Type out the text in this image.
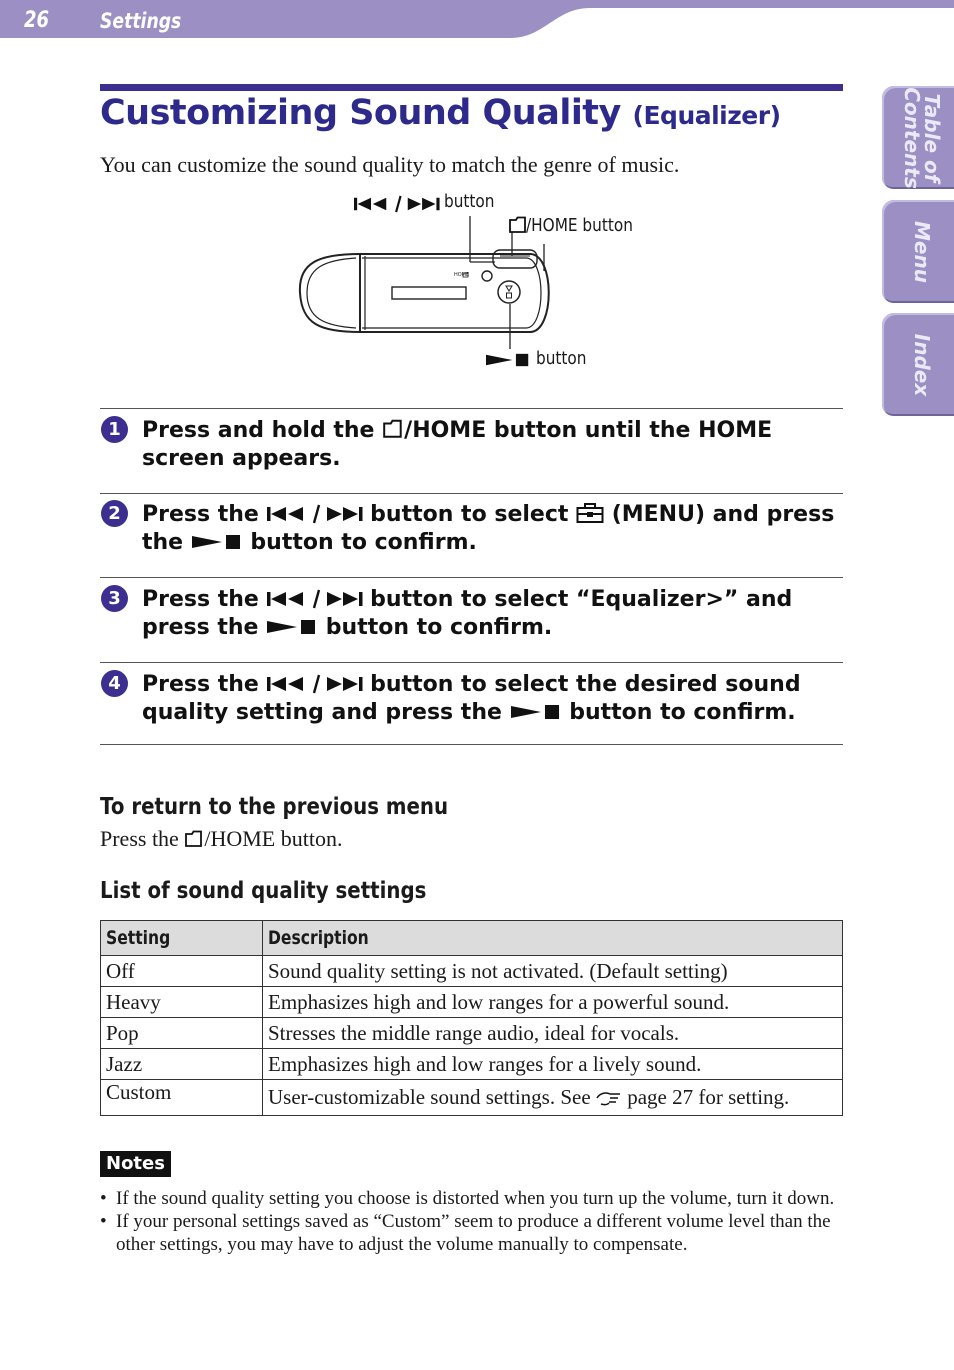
26 Settings
Table of
Contents
Menu
Index
Customizing Sound Quality (Equalizer)
You can customize the sound quality to match the genre of music.
HOME
button
/HOME button
button
1 Press and hold the /HOME button until the HOME screen appears.
2 Press the	button to select  (MENU) and press the  button to confirm.
3 Press the	button to select “Equalizer>” and press the  button to confirm.
4 Press the	button to select the desired sound quality setting and press the  button to confirm.
To return to the previous menu
Press the /HOME button.
List of sound quality settings
Setting	Description
Off	Sound quality setting is not activated. (Default setting)
Heavy	Emphasizes high and low ranges for a powerful sound.
Pop	Stresses the middle range audio, ideal for vocals.
Jazz	Emphasizes high and low ranges for a lively sound.
Custom	User-customizable sound settings. See  page 27 for setting.
Notes
• If the sound quality setting you choose is distorted when you turn up the volume, turn it down.
• If your personal settings saved as “Custom” seem to produce a different volume level than the other settings, you may have to adjust the volume manually to compensate.
